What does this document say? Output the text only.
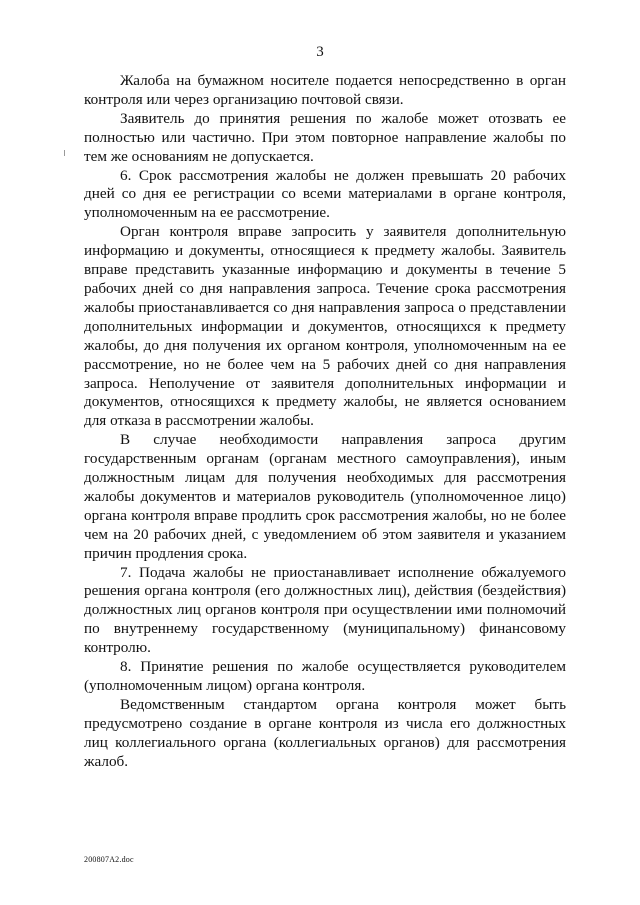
3

Жалоба на бумажном носителе подается непосредственно в орган контроля или через организацию почтовой связи.

Заявитель до принятия решения по жалобе может отозвать ее полностью или частично. При этом повторное направление жалобы по тем же основаниям не допускается.

6. Срок рассмотрения жалобы не должен превышать 20 рабочих дней со дня ее регистрации со всеми материалами в органе контроля, уполномоченным на ее рассмотрение.

Орган контроля вправе запросить у заявителя дополнительную информацию и документы, относящиеся к предмету жалобы. Заявитель вправе представить указанные информацию и документы в течение 5 рабочих дней со дня направления запроса. Течение срока рассмотрения жалобы приостанавливается со дня направления запроса о представлении дополнительных информации и документов, относящихся к предмету жалобы, до дня получения их органом контроля, уполномоченным на ее рассмотрение, но не более чем на 5 рабочих дней со дня направления запроса. Неполучение от заявителя дополнительных информации и документов, относящихся к предмету жалобы, не является основанием для отказа в рассмотрении жалобы.

В случае необходимости направления запроса другим государственным органам (органам местного самоуправления), иным должностным лицам для получения необходимых для рассмотрения жалобы документов и материалов руководитель (уполномоченное лицо) органа контроля вправе продлить срок рассмотрения жалобы, но не более чем на 20 рабочих дней, с уведомлением об этом заявителя и указанием причин продления срока.

7. Подача жалобы не приостанавливает исполнение обжалуемого решения органа контроля (его должностных лиц), действия (бездействия) должностных лиц органов контроля при осуществлении ими полномочий по внутреннему государственному (муниципальному) финансовому контролю.

8. Принятие решения по жалобе осуществляется руководителем (уполномоченным лицом) органа контроля.

Ведомственным стандартом органа контроля может быть предусмотрено создание в органе контроля из числа его должностных лиц коллегиального органа (коллегиальных органов) для рассмотрения жалоб.

200807A2.doc
